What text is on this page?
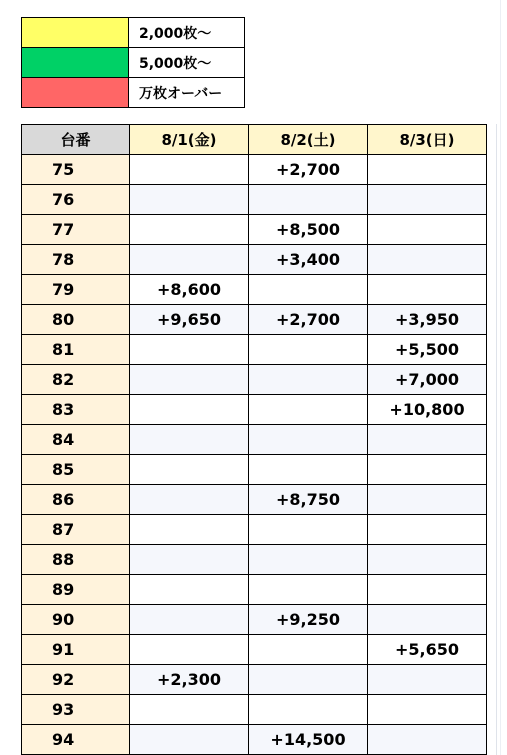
	2,000枚〜
	5,000枚〜
	万枚オーバー
台番	8/1(金)	8/2(土)	8/3(日)
75		+2,700	
76			
77		+8,500	
78		+3,400	
79	+8,600		
80	+9,650	+2,700	+3,950
81			+5,500
82			+7,000
83			+10,800
84			
85			
86		+8,750	
87			
88			
89			
90		+9,250	
91			+5,650
92	+2,300		
93			
94		+14,500	
